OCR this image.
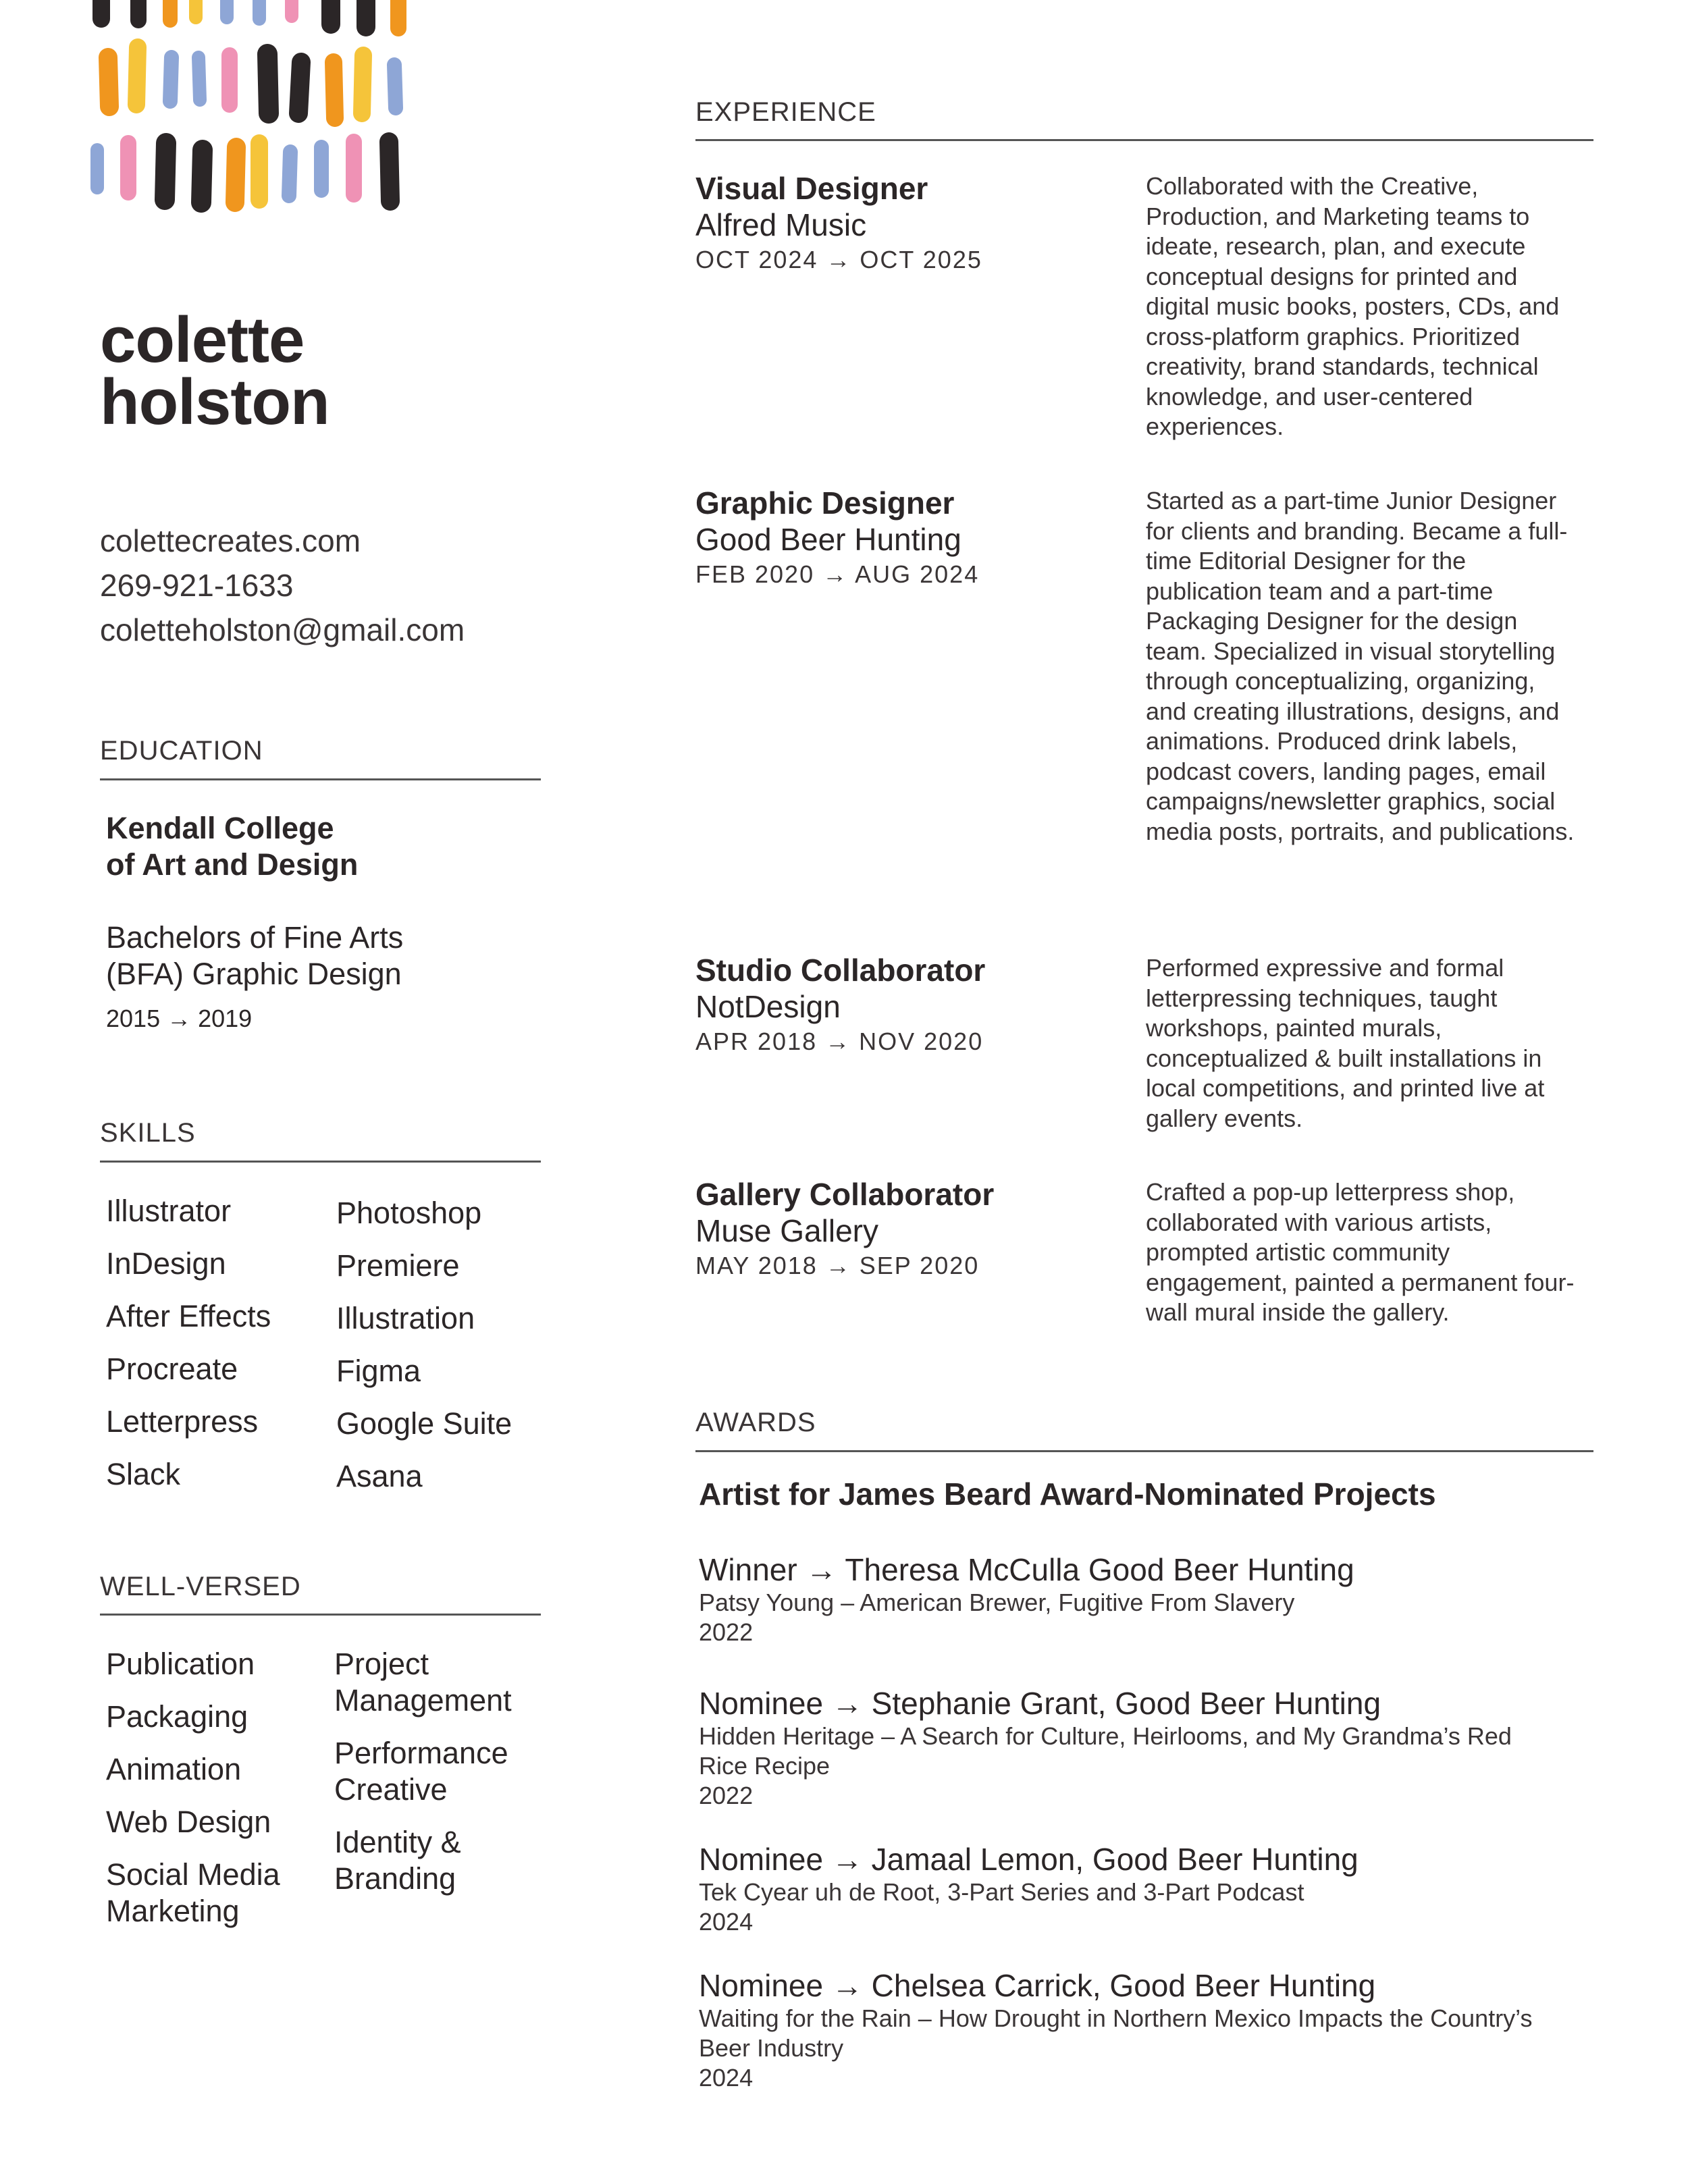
colette
holston
colettecreates.com
269-921-1633
coletteholston@gmail.com
EDUCATION
Kendall College
of Art and Design
Bachelors of Fine Arts
(BFA) Graphic Design
2015 → 2019
SKILLS
Illustrator
InDesign
After Effects
Procreate
Letterpress
Slack
Photoshop
Premiere
Illustration
Figma
Google Suite
Asana
WELL-VERSED
Publication
Packaging
Animation
Web Design
Social Media Marketing
Project Management
Performance Creative
Identity & Branding
EXPERIENCE
Visual Designer
Alfred Music
OCT 2024 → OCT 2025
Collaborated with the Creative, Production, and Marketing teams to ideate, research, plan, and execute conceptual designs for printed and digital music books, posters, CDs, and cross-platform graphics. Prioritized creativity, brand standards, technical knowledge, and user-centered experiences.
Graphic Designer
Good Beer Hunting
FEB 2020 → AUG 2024
Started as a part-time Junior Designer for clients and branding. Became a full-time Editorial Designer for the publication team and a part-time Packaging Designer for the design team. Specialized in visual storytelling through conceptualizing, organizing, and creating illustrations, designs, and animations. Produced drink labels, podcast covers, landing pages, email campaigns/newsletter graphics, social media posts, portraits, and publications.
Studio Collaborator
NotDesign
APR 2018 → NOV 2020
Performed expressive and formal letterpressing techniques, taught workshops, painted murals, conceptualized & built installations in local competitions, and printed live at gallery events.
Gallery Collaborator
Muse Gallery
MAY 2018 → SEP 2020
Crafted a pop-up letterpress shop, collaborated with various artists, prompted artistic community engagement, painted a permanent four-wall mural inside the gallery.
AWARDS
Artist for James Beard Award-Nominated Projects
Winner → Theresa McCulla Good Beer Hunting
Patsy Young – American Brewer, Fugitive From Slavery
2022
Nominee → Stephanie Grant, Good Beer Hunting
Hidden Heritage – A Search for Culture, Heirlooms, and My Grandma’s Red Rice Recipe
2022
Nominee → Jamaal Lemon, Good Beer Hunting
Tek Cyear uh de Root, 3-Part Series and 3-Part Podcast
2024
Nominee → Chelsea Carrick, Good Beer Hunting
Waiting for the Rain – How Drought in Northern Mexico Impacts the Country’s Beer Industry
2024
